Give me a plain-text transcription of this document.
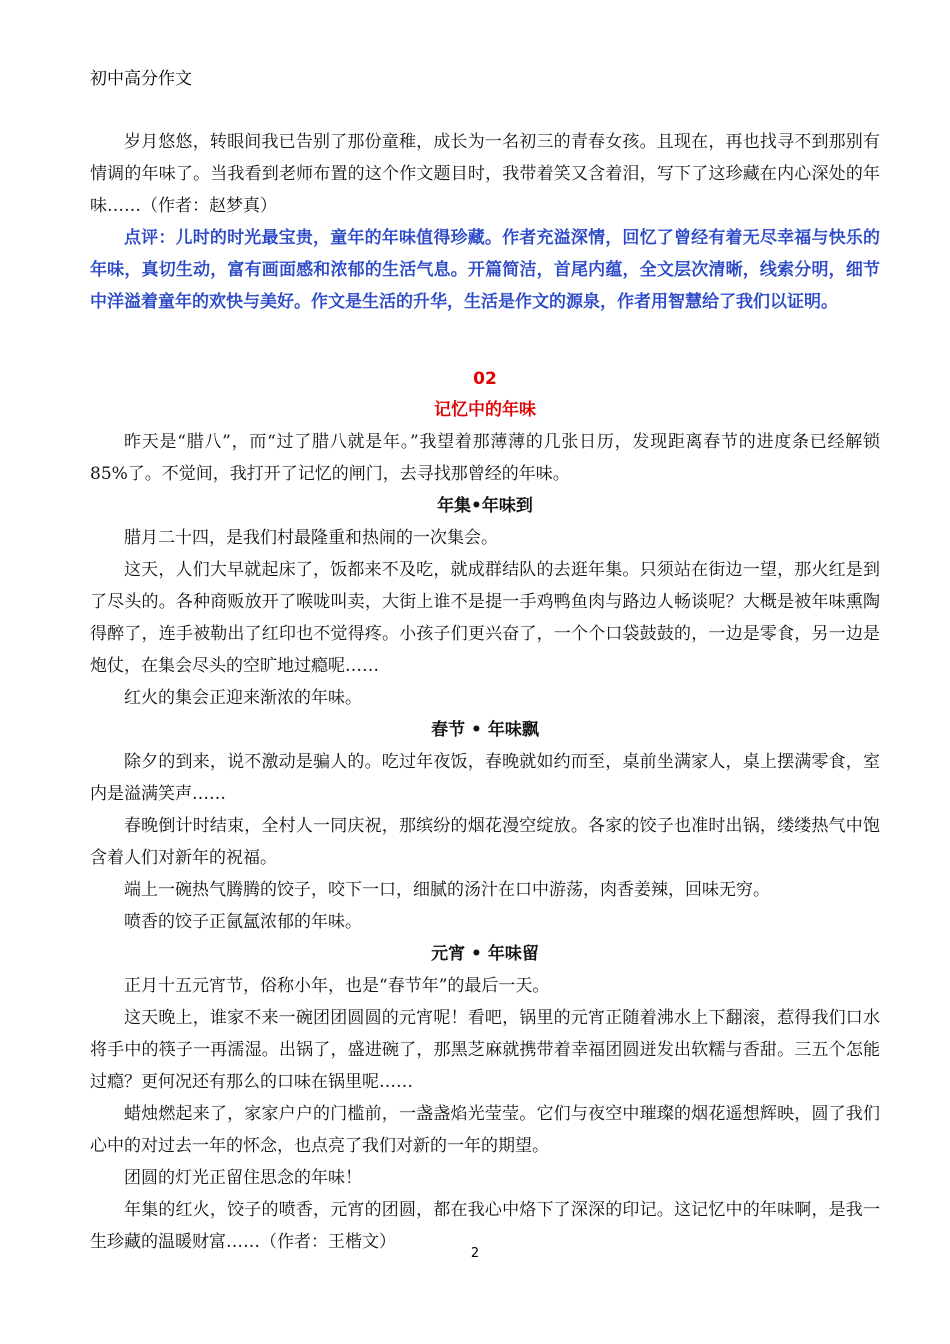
初中高分作文

岁月悠悠，转眼间我已告别了那份童稚，成长为一名初三的青春女孩。且现在，再也找寻不到那别有情调的年味了。当我看到老师布置的这个作文题目时，我带着笑又含着泪，写下了这珍藏在内心深处的年味……（作者：赵梦真）

点评：儿时的时光最宝贵，童年的年味值得珍藏。作者充溢深情，回忆了曾经有着无尽幸福与快乐的年味，真切生动，富有画面感和浓郁的生活气息。开篇简洁，首尾内蕴，全文层次清晰，线索分明，细节中洋溢着童年的欢快与美好。作文是生活的升华，生活是作文的源泉，作者用智慧给了我们以证明。

02
记忆中的年味

昨天是“腊八”，而“过了腊八就是年。”我望着那薄薄的几张日历，发现距离春节的进度条已经解锁85%了。不觉间，我打开了记忆的闸门，去寻找那曾经的年味。

年集•年味到

腊月二十四，是我们村最隆重和热闹的一次集会。

这天，人们大早就起床了，饭都来不及吃，就成群结队的去逛年集。只须站在街边一望，那火红是到了尽头的。各种商贩放开了喉咙叫卖，大街上谁不是提一手鸡鸭鱼肉与路边人畅谈呢？大概是被年味熏陶得醉了，连手被勒出了红印也不觉得疼。小孩子们更兴奋了，一个个口袋鼓鼓的，一边是零食，另一边是炮仗，在集会尽头的空旷地过瘾呢……

红火的集会正迎来渐浓的年味。

春节 • 年味飘

除夕的到来，说不激动是骗人的。吃过年夜饭，春晚就如约而至，桌前坐满家人，桌上摆满零食，室内是溢满笑声……

春晚倒计时结束，全村人一同庆祝，那缤纷的烟花漫空绽放。各家的饺子也准时出锅，缕缕热气中饱含着人们对新年的祝福。

端上一碗热气腾腾的饺子，咬下一口，细腻的汤汁在口中游荡，肉香姜辣，回味无穷。

喷香的饺子正氤氲浓郁的年味。

元宵 • 年味留

正月十五元宵节，俗称小年，也是“春节年”的最后一天。

这天晚上，谁家不来一碗团团圆圆的元宵呢！看吧，锅里的元宵正随着沸水上下翻滚，惹得我们口水将手中的筷子一再濡湿。出锅了，盛进碗了，那黑芝麻就携带着幸福团圆迸发出软糯与香甜。三五个怎能过瘾？更何况还有那么的口味在锅里呢……

蜡烛燃起来了，家家户户的门槛前，一盏盏焰光莹莹。它们与夜空中璀璨的烟花遥想辉映，圆了我们心中的对过去一年的怀念，也点亮了我们对新的一年的期望。

团圆的灯光正留住思念的年味！

年集的红火，饺子的喷香，元宵的团圆，都在我心中烙下了深深的印记。这记忆中的年味啊，是我一生珍藏的温暖财富……（作者：王楷文）

2
